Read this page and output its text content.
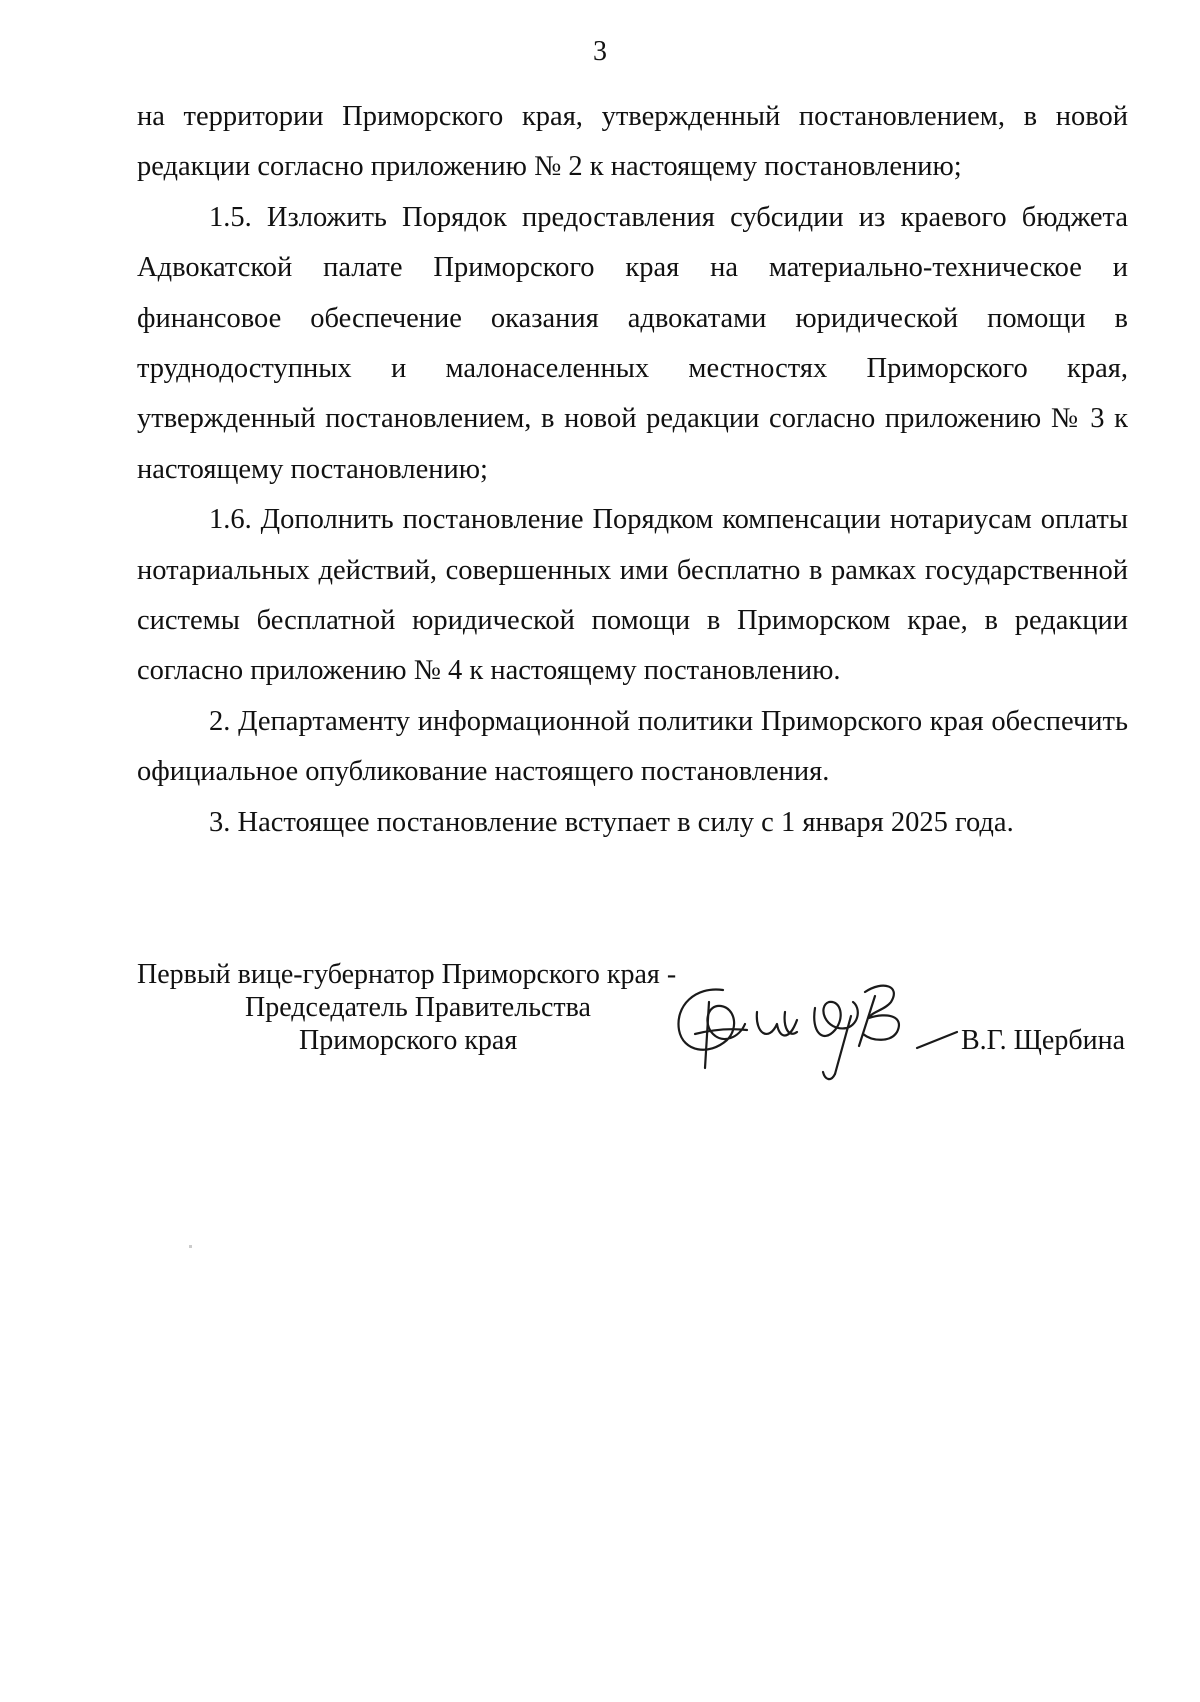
3

на территории Приморского края, утвержденный постановлением, в новой редакции согласно приложению № 2 к настоящему постановлению;

1.5. Изложить Порядок предоставления субсидии из краевого бюджета Адвокатской палате Приморского края на материально-техническое и финансовое обеспечение оказания адвокатами юридической помощи в труднодоступных и малонаселенных местностях Приморского края, утвержденный постановлением, в новой редакции согласно приложению № 3 к настоящему постановлению;

1.6. Дополнить постановление Порядком компенсации нотариусам оплаты нотариальных действий, совершенных ими бесплатно в рамках государственной системы бесплатной юридической помощи в Приморском крае, в редакции согласно приложению № 4 к настоящему постановлению.

2. Департаменту информационной политики Приморского края обеспечить официальное опубликование настоящего постановления.

3. Настоящее постановление вступает в силу с 1 января 2025 года.

Первый вице-губернатор Приморского края -
Председатель Правительства
Приморского края	В.Г. Щербина
